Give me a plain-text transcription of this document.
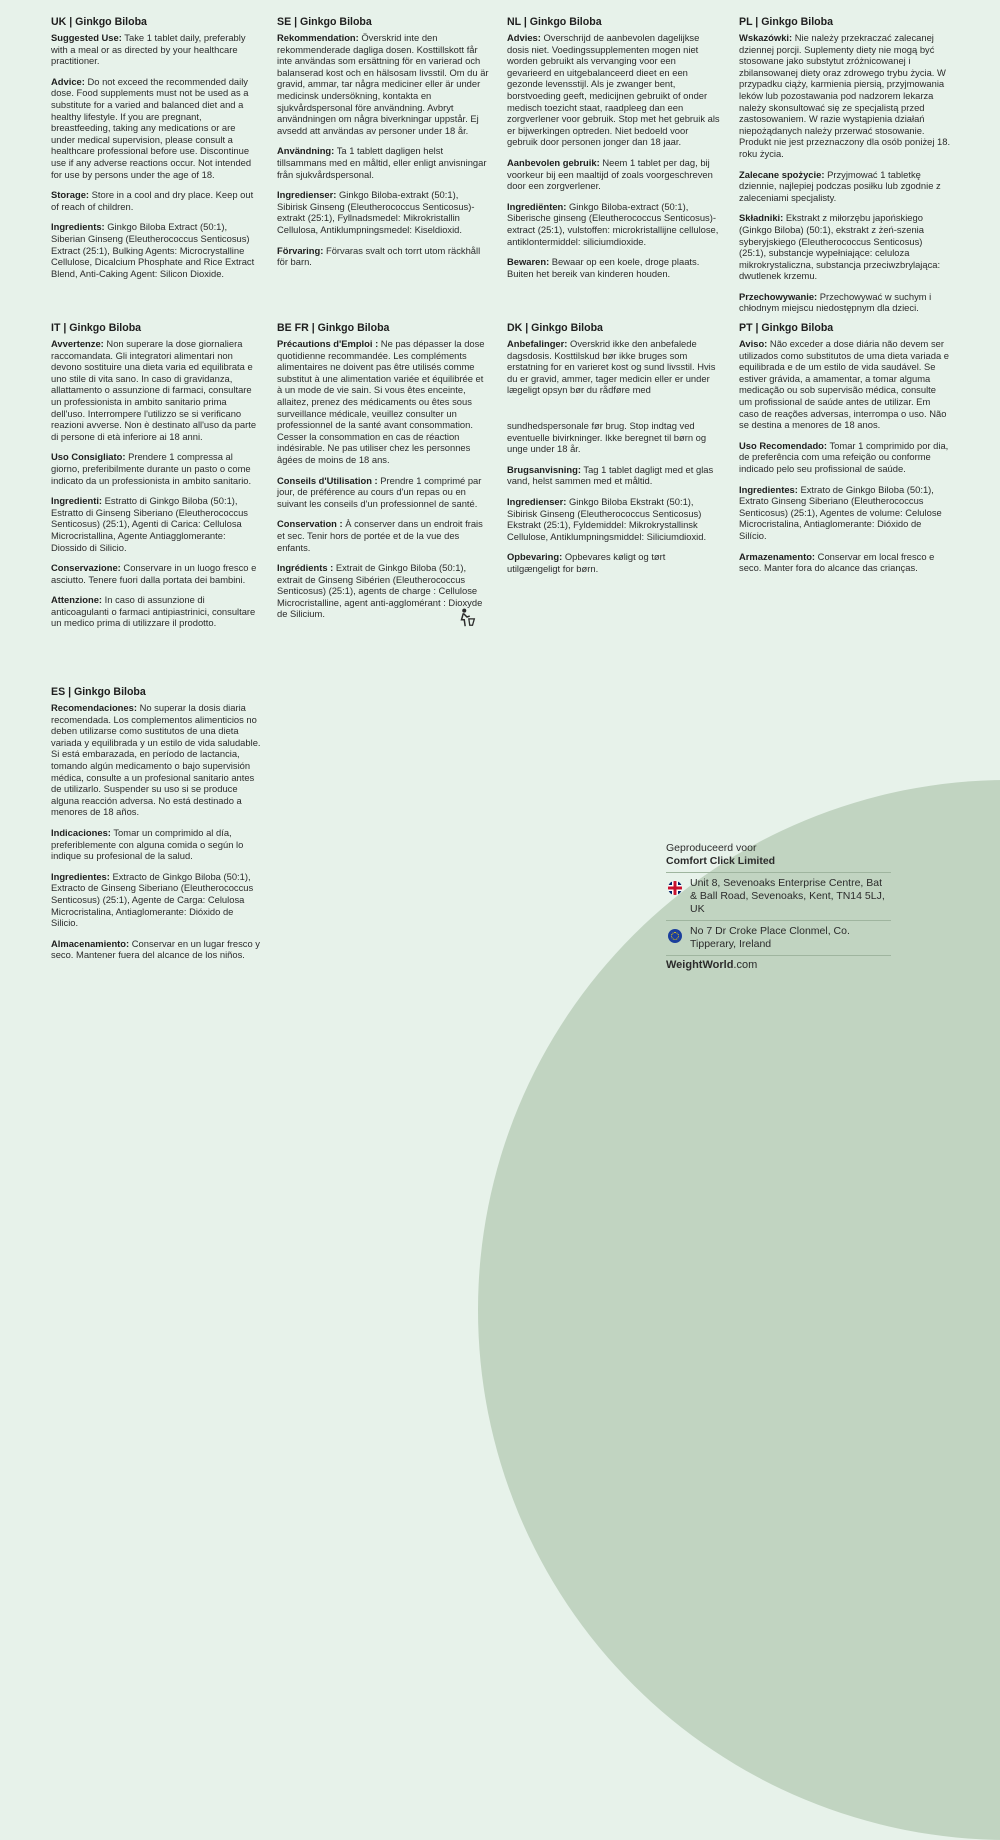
UK | Ginkgo Biloba

Suggested Use: Take 1 tablet daily, preferably with a meal or as directed by your healthcare practitioner.

Advice: Do not exceed the recommended daily dose. Food supplements must not be used as a substitute for a varied and balanced diet and a healthy lifestyle. If you are pregnant, breastfeeding, taking any medications or are under medical supervision, please consult a healthcare professional before use. Discontinue use if any adverse reactions occur. Not intended for use by persons under the age of 18.

Storage: Store in a cool and dry place. Keep out of reach of children.

Ingredients: Ginkgo Biloba Extract (50:1), Siberian Ginseng (Eleutherococcus Senticosus) Extract (25:1), Bulking Agents: Microcrystalline Cellulose, Dicalcium Phosphate and Rice Extract Blend, Anti-Caking Agent: Silicon Dioxide.

SE | Ginkgo Biloba

Rekommendation: Överskrid inte den rekommenderade dagliga dosen. Kosttillskott får inte användas som ersättning för en varierad och balanserad kost och en hälsosam livsstil. Om du är gravid, ammar, tar några mediciner eller är under medicinsk undersökning, kontakta en sjukvårdspersonal före användning. Avbryt användningen om några biverkningar uppstår. Ej avsedd att användas av personer under 18 år.

Användning: Ta 1 tablett dagligen helst tillsammans med en måltid, eller enligt anvisningar från sjukvårdspersonal.

Ingredienser: Ginkgo Biloba-extrakt (50:1), Sibirisk Ginseng (Eleutherococcus Senticosus)-extrakt (25:1), Fyllnadsmedel: Mikrokristallin Cellulosa, Antiklumpningsmedel: Kiseldioxid.

Förvaring: Förvaras svalt och torrt utom räckhåll för barn.

NL | Ginkgo Biloba

Advies: Overschrijd de aanbevolen dagelijkse dosis niet. Voedingssupplementen mogen niet worden gebruikt als vervanging voor een gevarieerd en uitgebalanceerd dieet en een gezonde levensstijl. Als je zwanger bent, borstvoeding geeft, medicijnen gebruikt of onder medisch toezicht staat, raadpleeg dan een zorgverlener voor gebruik. Stop met het gebruik als er bijwerkingen optreden. Niet bedoeld voor gebruik door personen jonger dan 18 jaar.

Aanbevolen gebruik: Neem 1 tablet per dag, bij voorkeur bij een maaltijd of zoals voorgeschreven door een zorgverlener.

Ingrediënten: Ginkgo Biloba-extract (50:1), Siberische ginseng (Eleutherococcus Senticosus)-extract (25:1), vulstoffen: microkristallijne cellulose, antiklontermiddel: siliciumdioxide.

Bewaren: Bewaar op een koele, droge plaats. Buiten het bereik van kinderen houden.

PL | Ginkgo Biloba

Wskazówki: Nie należy przekraczać zalecanej dziennej porcji. Suplementy diety nie mogą być stosowane jako substytut zróżnicowanej i zbilansowanej diety oraz zdrowego trybu życia. W przypadku ciąży, karmienia piersią, przyjmowania leków lub pozostawania pod nadzorem lekarza należy skonsultować się ze specjalistą przed zastosowaniem. W razie wystąpienia działań niepożądanych należy przerwać stosowanie. Produkt nie jest przeznaczony dla osób poniżej 18. roku życia.

Zalecane spożycie: Przyjmować 1 tabletkę dziennie, najlepiej podczas posiłku lub zgodnie z zaleceniami specjalisty.

Składniki: Ekstrakt z miłorzębu japońskiego (Ginkgo Biloba) (50:1), ekstrakt z żeń-szenia syberyjskiego (Eleutherococcus Senticosus) (25:1), substancje wypełniające: celuloza mikrokrystaliczna, substancja przeciwzbrylająca: dwutlenek krzemu.

Przechowywanie: Przechowywać w suchym i chłodnym miejscu niedostępnym dla dzieci.

IT | Ginkgo Biloba

Avvertenze: Non superare la dose giornaliera raccomandata. Gli integratori alimentari non devono sostituire una dieta varia ed equilibrata e uno stile di vita sano. In caso di gravidanza, allattamento o assunzione di farmaci, consultare un professionista in ambito sanitario prima dell'uso. Interrompere l'utilizzo se si verificano reazioni avverse. Non è destinato all'uso da parte di persone di età inferiore ai 18 anni.

Uso Consigliato: Prendere 1 compressa al giorno, preferibilmente durante un pasto o come indicato da un professionista in ambito sanitario.

Ingredienti: Estratto di Ginkgo Biloba (50:1), Estratto di Ginseng Siberiano (Eleutherococcus Senticosus) (25:1), Agenti di Carica: Cellulosa Microcristallina, Agente Antiagglomerante: Diossido di Silicio.

Conservazione: Conservare in un luogo fresco e asciutto. Tenere fuori dalla portata dei bambini.

Attenzione: In caso di assunzione di anticoagulanti o farmaci antipiastrinici, consultare un medico prima di utilizzare il prodotto.

BE FR | Ginkgo Biloba

Précautions d'Emploi : Ne pas dépasser la dose quotidienne recommandée. Les compléments alimentaires ne doivent pas être utilisés comme substitut à une alimentation variée et équilibrée et à un mode de vie sain. Si vous êtes enceinte, allaitez, prenez des médicaments ou êtes sous surveillance médicale, veuillez consulter un professionnel de la santé avant consommation. Cesser la consommation en cas de réaction indésirable. Ne pas utiliser chez les personnes âgées de moins de 18 ans.

Conseils d'Utilisation : Prendre 1 comprimé par jour, de préférence au cours d'un repas ou en suivant les conseils d'un professionnel de santé.

Conservation : À conserver dans un endroit frais et sec. Tenir hors de portée et de la vue des enfants.

Ingrédients : Extrait de Ginkgo Biloba (50:1), extrait de Ginseng Sibérien (Eleutherococcus Senticosus) (25:1), agents de charge : Cellulose Microcristalline, agent anti-agglomérant : Dioxyde de Silicium.

DK | Ginkgo Biloba

Anbefalinger: Overskrid ikke den anbefalede dagsdosis. Kosttilskud bør ikke bruges som erstatning for en varieret kost og sund livsstil. Hvis du er gravid, ammer, tager medicin eller er under lægeligt opsyn bør du rådføre med

sundhedspersonale før brug. Stop indtag ved eventuelle bivirkninger. Ikke beregnet til børn og unge under 18 år.

Brugsanvisning: Tag 1 tablet dagligt med et glas vand, helst sammen med et måltid.

Ingredienser: Ginkgo Biloba Ekstrakt (50:1), Sibirisk Ginseng (Eleutherococcus Senticosus) Ekstrakt (25:1), Fyldemiddel: Mikrokrystallinsk Cellulose, Antiklumpningsmiddel: Siliciumdioxid.

Opbevaring: Opbevares køligt og tørt utilgængeligt for børn.

PT | Ginkgo Biloba

Aviso: Não exceder a dose diária não devem ser utilizados como substitutos de uma dieta variada e equilibrada e de um estilo de vida saudável. Se estiver grávida, a amamentar, a tomar alguma medicação ou sob supervisão médica, consulte um profissional de saúde antes de utilizar. Em caso de reações adversas, interrompa o uso. Não se destina a menores de 18 anos.

Uso Recomendado: Tomar 1 comprimido por dia, de preferência com uma refeição ou conforme indicado pelo seu profissional de saúde.

Ingredientes: Extrato de Ginkgo Biloba (50:1), Extrato Ginseng Siberiano (Eleutherococcus Senticosus) (25:1), Agentes de volume: Celulose Microcristalina, Antiaglomerante: Dióxido de Silício.

Armazenamento: Conservar em local fresco e seco. Manter fora do alcance das crianças.

ES | Ginkgo Biloba

Recomendaciones: No superar la dosis diaria recomendada. Los complementos alimenticios no deben utilizarse como sustitutos de una dieta variada y equilibrada y un estilo de vida saludable. Si está embarazada, en período de lactancia, tomando algún medicamento o bajo supervisión médica, consulte a un profesional sanitario antes de utilizarlo. Suspender su uso si se produce alguna reacción adversa. No está destinado a menores de 18 años.

Indicaciones: Tomar un comprimido al día, preferiblemente con alguna comida o según lo indique su profesional de la salud.

Ingredientes: Extracto de Ginkgo Biloba (50:1), Extracto de Ginseng Siberiano (Eleutherococcus Senticosus) (25:1), Agente de Carga: Celulosa Microcristalina, Antiaglomerante: Dióxido de Silicio.

Almacenamiento: Conservar en un lugar fresco y seco. Mantener fuera del alcance de los niños.

Geproduceerd voor

Comfort Click Limited

Unit 8, Sevenoaks Enterprise Centre, Bat & Ball Road, Sevenoaks, Kent, TN14 5LJ, UK
No 7 Dr Croke Place Clonmel, Co. Tipperary, Ireland
WeightWorld.com
